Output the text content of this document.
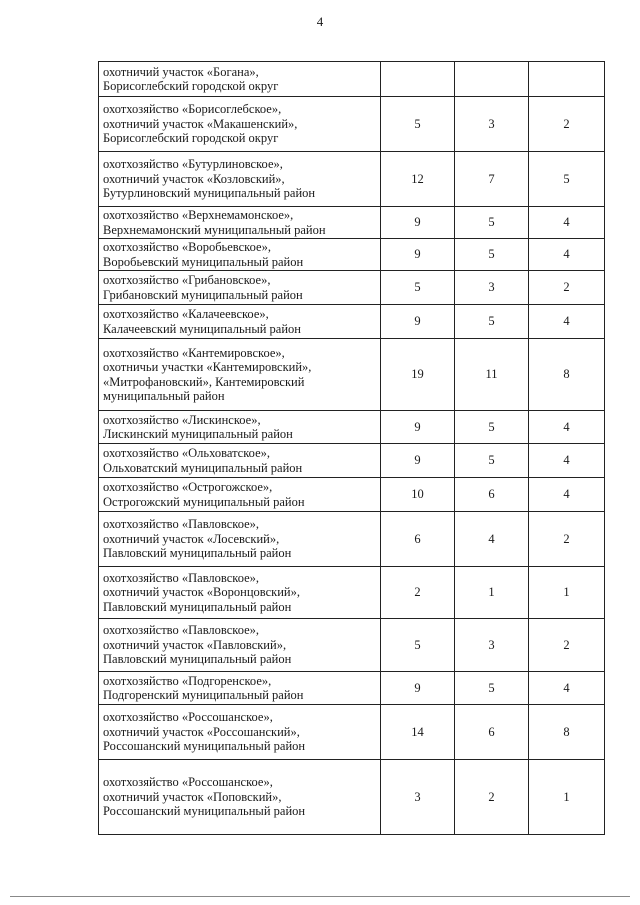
4
охотничий участок «Богана»,
Борисоглебский городской округ			

охотхозяйство «Борисоглебское»,
охотничий участок «Макашенский»,
Борисоглебский городской округ	5	3	2

охотхозяйство «Бутурлиновское»,
охотничий участок «Козловский»,
Бутурлиновский муниципальный район	12	7	5

охотхозяйство «Верхнемамонское»,
Верхнемамонский муниципальный район	9	5	4

охотхозяйство «Воробьевское»,
Воробьевский муниципальный район	9	5	4

охотхозяйство «Грибановское»,
Грибановский муниципальный район	5	3	2

охотхозяйство «Калачеевское»,
Калачеевский муниципальный район	9	5	4

охотхозяйство «Кантемировское»,
охотничьи участки «Кантемировский»,
«Митрофановский», Кантемировский
муниципальный район	19	11	8

охотхозяйство «Лискинское»,
Лискинский муниципальный район	9	5	4

охотхозяйство «Ольховатское»,
Ольховатский муниципальный район	9	5	4

охотхозяйство «Острогожское»,
Острогожский муниципальный район	10	6	4

охотхозяйство «Павловское»,
охотничий участок «Лосевский»,
Павловский муниципальный район	6	4	2

охотхозяйство «Павловское»,
охотничий участок «Воронцовский»,
Павловский муниципальный район	2	1	1

охотхозяйство «Павловское»,
охотничий участок «Павловский»,
Павловский муниципальный район	5	3	2

охотхозяйство «Подгоренское»,
Подгоренский муниципальный район	9	5	4

охотхозяйство «Россошанское»,
охотничий участок «Россошанский»,
Россошанский муниципальный район	14	6	8

охотхозяйство «Россошанское»,
охотничий участок «Поповский»,
Россошанский муниципальный район	3	2	1
